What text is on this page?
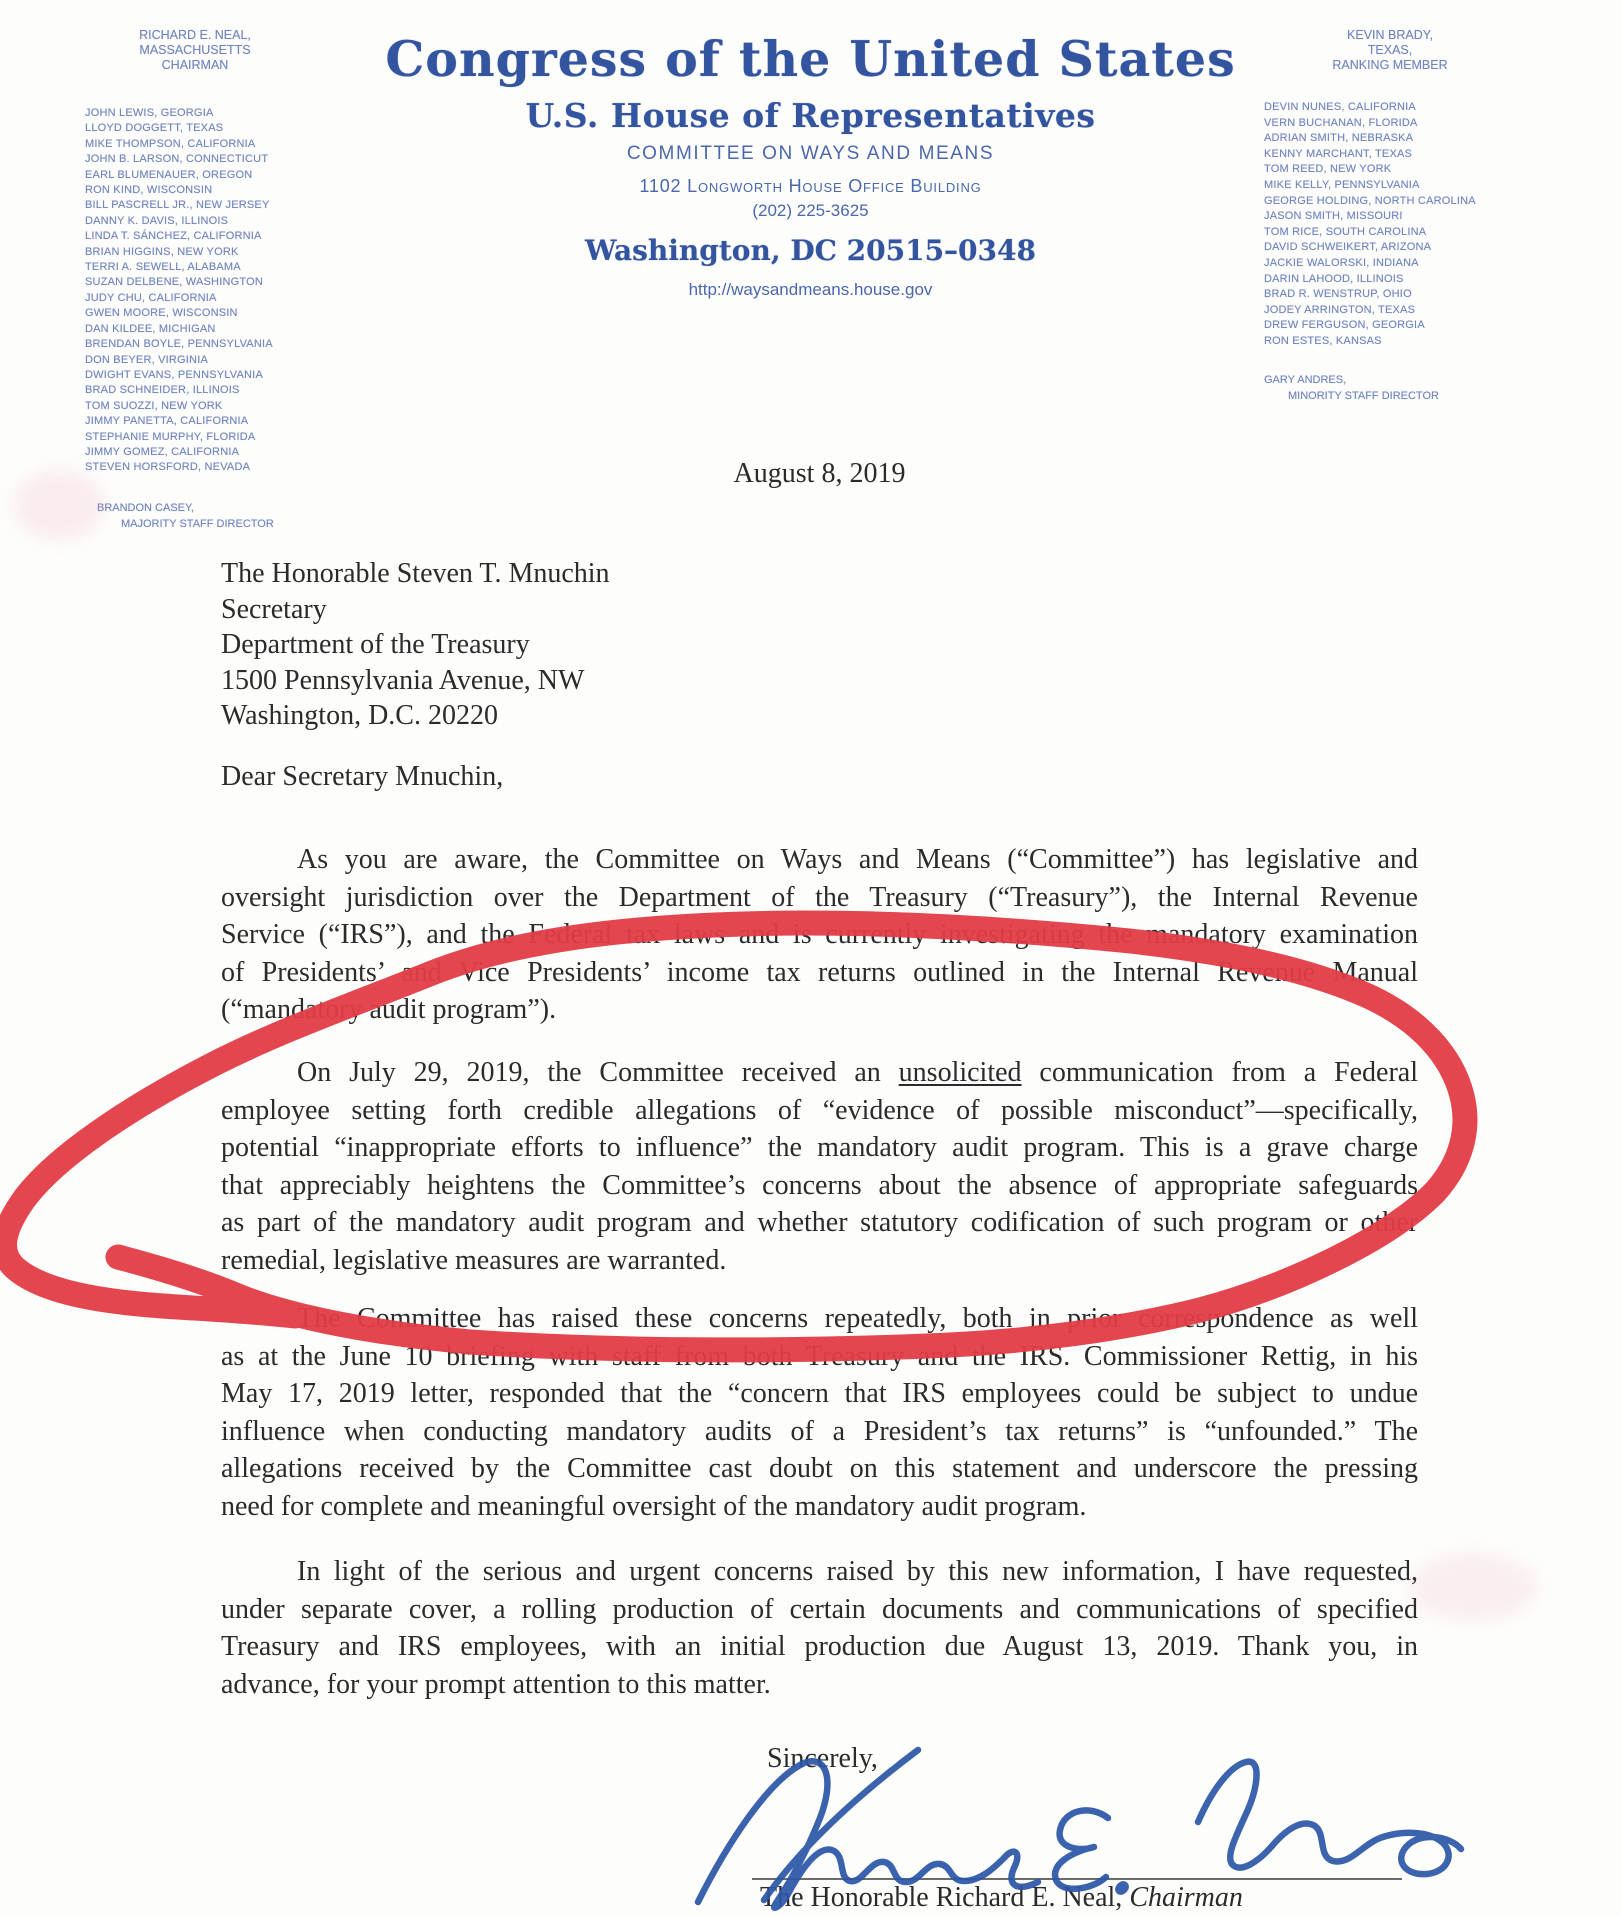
Congress of the United States
U.S. House of Representatives
COMMITTEE ON WAYS AND MEANS
1102 Longworth House Office Building
(202) 225-3625
Washington, DC 20515–0348
http://waysandmeans.house.gov
RICHARD E. NEAL,
MASSACHUSETTS
CHAIRMAN
JOHN LEWIS, GEORGIA
LLOYD DOGGETT, TEXAS
MIKE THOMPSON, CALIFORNIA
JOHN B. LARSON, CONNECTICUT
EARL BLUMENAUER, OREGON
RON KIND, WISCONSIN
BILL PASCRELL JR., NEW JERSEY
DANNY K. DAVIS, ILLINOIS
LINDA T. SÁNCHEZ, CALIFORNIA
BRIAN HIGGINS, NEW YORK
TERRI A. SEWELL, ALABAMA
SUZAN DELBENE, WASHINGTON
JUDY CHU, CALIFORNIA
GWEN MOORE, WISCONSIN
DAN KILDEE, MICHIGAN
BRENDAN BOYLE, PENNSYLVANIA
DON BEYER, VIRGINIA
DWIGHT EVANS, PENNSYLVANIA
BRAD SCHNEIDER, ILLINOIS
TOM SUOZZI, NEW YORK
JIMMY PANETTA, CALIFORNIA
STEPHANIE MURPHY, FLORIDA
JIMMY GOMEZ, CALIFORNIA
STEVEN HORSFORD, NEVADA
BRANDON CASEY,
MAJORITY STAFF DIRECTOR
KEVIN BRADY,
TEXAS,
RANKING MEMBER
DEVIN NUNES, CALIFORNIA
VERN BUCHANAN, FLORIDA
ADRIAN SMITH, NEBRASKA
KENNY MARCHANT, TEXAS
TOM REED, NEW YORK
MIKE KELLY, PENNSYLVANIA
GEORGE HOLDING, NORTH CAROLINA
JASON SMITH, MISSOURI
TOM RICE, SOUTH CAROLINA
DAVID SCHWEIKERT, ARIZONA
JACKIE WALORSKI, INDIANA
DARIN LAHOOD, ILLINOIS
BRAD R. WENSTRUP, OHIO
JODEY ARRINGTON, TEXAS
DREW FERGUSON, GEORGIA
RON ESTES, KANSAS
GARY ANDRES,
MINORITY STAFF DIRECTOR
August 8, 2019
The Honorable Steven T. Mnuchin
Secretary
Department of the Treasury
1500 Pennsylvania Avenue, NW
Washington, D.C. 20220
Dear Secretary Mnuchin,
As you are aware, the Committee on Ways and Means (“Committee”) has legislative and
oversight jurisdiction over the Department of the Treasury (“Treasury”), the Internal Revenue
Service (“IRS”), and the Federal tax laws and is currently investigating the mandatory examination
of Presidents’ and Vice Presidents’ income tax returns outlined in the Internal Revenue Manual
(“mandatory audit program”).
On July 29, 2019, the Committee received an unsolicited communication from a Federal
employee setting forth credible allegations of “evidence of possible misconduct”—specifically,
potential “inappropriate efforts to influence” the mandatory audit program. This is a grave charge
that appreciably heightens the Committee’s concerns about the absence of appropriate safeguards
as part of the mandatory audit program and whether statutory codification of such program or other
remedial, legislative measures are warranted.
The Committee has raised these concerns repeatedly, both in prior correspondence as well
as at the June 10 briefing with staff from both Treasury and the IRS. Commissioner Rettig, in his
May 17, 2019 letter, responded that the “concern that IRS employees could be subject to undue
influence when conducting mandatory audits of a President’s tax returns” is “unfounded.” The
allegations received by the Committee cast doubt on this statement and underscore the pressing
need for complete and meaningful oversight of the mandatory audit program.
In light of the serious and urgent concerns raised by this new information, I have requested,
under separate cover, a rolling production of certain documents and communications of specified
Treasury and IRS employees, with an initial production due August 13, 2019. Thank you, in
advance, for your prompt attention to this matter.
Sincerely,
The Honorable Richard E. Neal, Chairman
